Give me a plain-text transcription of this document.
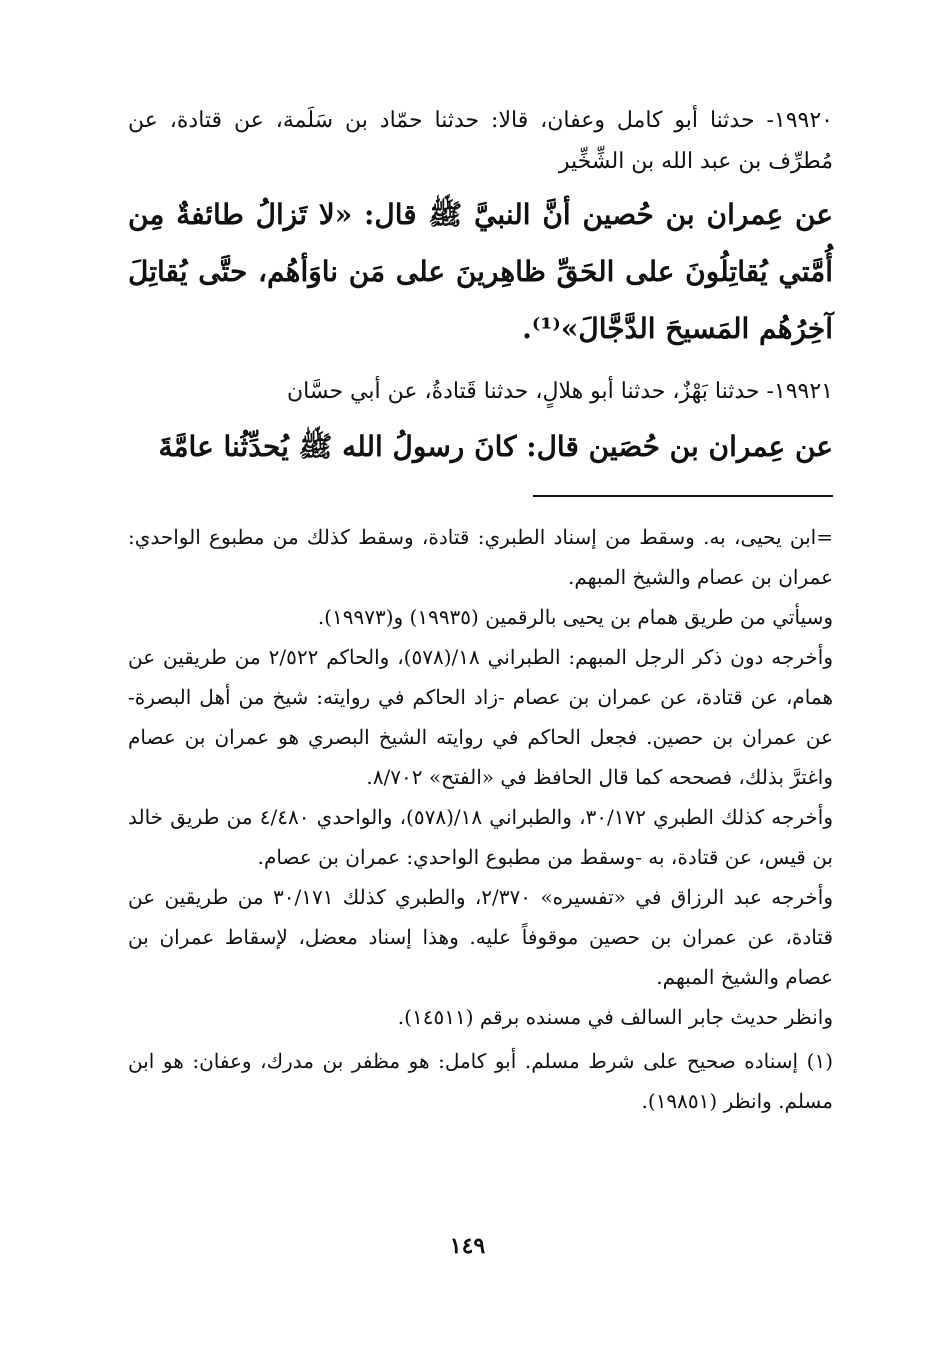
١٩٩٢٠- حدثنا أبو كامل وعفان، قالا: حدثنا حمّاد بن سَلَمة، عن قتادة، عن مُطرِّف بن عبد الله بن الشِّخِّير

عن عِمران بن حُصين أنَّ النبيَّ ﷺ قال: «لا تَزالُ طائفةٌ مِن أُمَّتي يُقاتِلُونَ على الحَقِّ ظاهِرينَ على مَن ناوَأهُم، حتَّى يُقاتِلَ آخِرُهُم المَسيحَ الدَّجَّالَ»⁽¹⁾.

١٩٩٢١- حدثنا بَهْزٌ، حدثنا أبو هلالٍ، حدثنا قَتادةُ، عن أبي حسَّان

عن عِمران بن حُصَين قال: كانَ رسولُ الله ﷺ يُحدِّثُنا عامَّةَ

=ابن يحيى، به. وسقط من إسناد الطبري: قتادة، وسقط كذلك من مطبوع الواحدي: عمران بن عصام والشيخ المبهم.

وسيأتي من طريق همام بن يحيى بالرقمين (١٩٩٣٥) و(١٩٩٧٣).

وأخرجه دون ذكر الرجل المبهم: الطبراني ١٨/(٥٧٨)، والحاكم ٢/٥٢٢ من طريقين عن همام، عن قتادة، عن عمران بن عصام -زاد الحاكم في روايته: شيخ من أهل البصرة- عن عمران بن حصين. فجعل الحاكم في روايته الشيخ البصري هو عمران بن عصام واغترَّ بذلك، فصححه كما قال الحافظ في «الفتح» ٨/٧٠٢.

وأخرجه كذلك الطبري ٣٠/١٧٢، والطبراني ١٨/(٥٧٨)، والواحدي ٤/٤٨٠ من طريق خالد بن قيس، عن قتادة، به -وسقط من مطبوع الواحدي: عمران بن عصام.

وأخرجه عبد الرزاق في «تفسيره» ٢/٣٧٠، والطبري كذلك ٣٠/١٧١ من طريقين عن قتادة، عن عمران بن حصين موقوفاً عليه. وهذا إسناد معضل، لإسقاط عمران بن عصام والشيخ المبهم.

وانظر حديث جابر السالف في مسنده برقم (١٤٥١١).

(١) إسناده صحيح على شرط مسلم. أبو كامل: هو مظفر بن مدرك، وعفان: هو ابن مسلم. وانظر (١٩٨٥١).

١٤٩
